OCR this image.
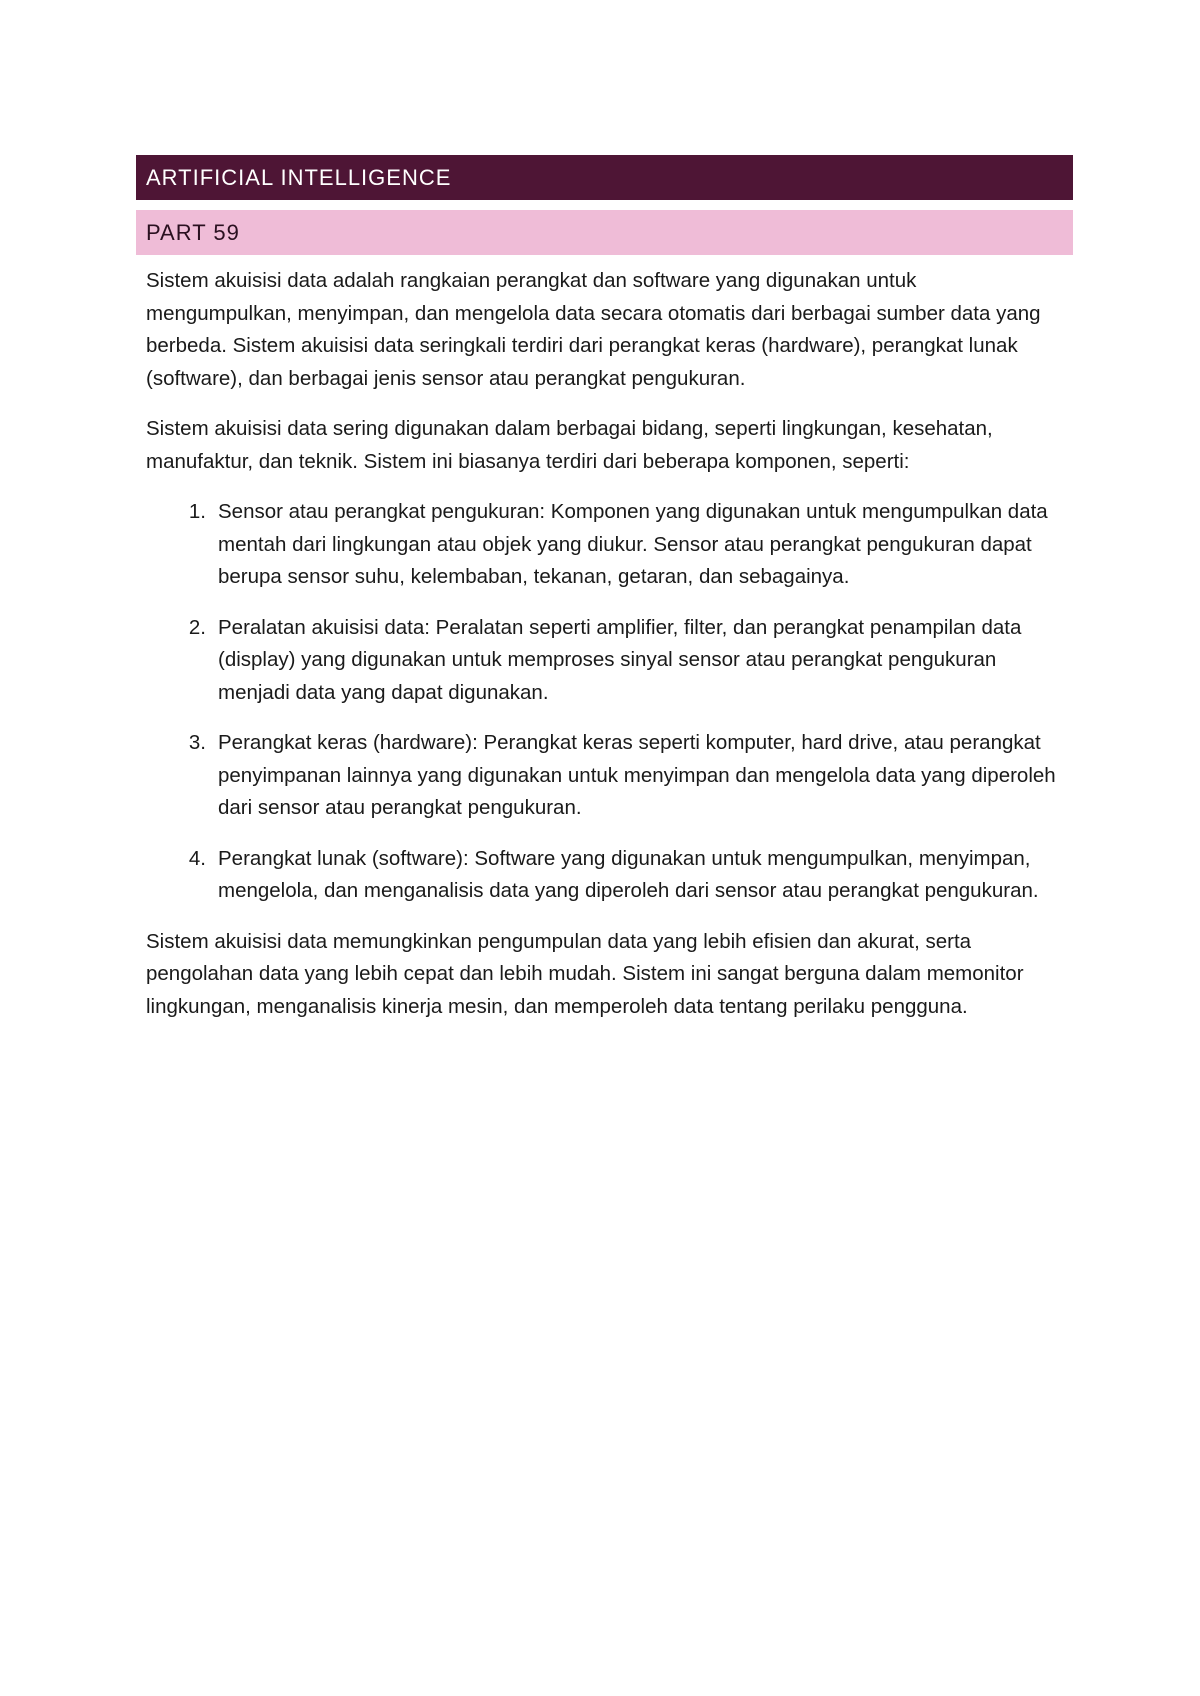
ARTIFICIAL INTELLIGENCE
PART 59

Sistem akuisisi data adalah rangkaian perangkat dan software yang digunakan untuk mengumpulkan, menyimpan, dan mengelola data secara otomatis dari berbagai sumber data yang berbeda. Sistem akuisisi data seringkali terdiri dari perangkat keras (hardware), perangkat lunak (software), dan berbagai jenis sensor atau perangkat pengukuran.

Sistem akuisisi data sering digunakan dalam berbagai bidang, seperti lingkungan, kesehatan, manufaktur, dan teknik. Sistem ini biasanya terdiri dari beberapa komponen, seperti:

1. Sensor atau perangkat pengukuran: Komponen yang digunakan untuk mengumpulkan data mentah dari lingkungan atau objek yang diukur. Sensor atau perangkat pengukuran dapat berupa sensor suhu, kelembaban, tekanan, getaran, dan sebagainya.
2. Peralatan akuisisi data: Peralatan seperti amplifier, filter, dan perangkat penampilan data (display) yang digunakan untuk memproses sinyal sensor atau perangkat pengukuran menjadi data yang dapat digunakan.
3. Perangkat keras (hardware): Perangkat keras seperti komputer, hard drive, atau perangkat penyimpanan lainnya yang digunakan untuk menyimpan dan mengelola data yang diperoleh dari sensor atau perangkat pengukuran.
4. Perangkat lunak (software): Software yang digunakan untuk mengumpulkan, menyimpan, mengelola, dan menganalisis data yang diperoleh dari sensor atau perangkat pengukuran.

Sistem akuisisi data memungkinkan pengumpulan data yang lebih efisien dan akurat, serta pengolahan data yang lebih cepat dan lebih mudah. Sistem ini sangat berguna dalam memonitor lingkungan, menganalisis kinerja mesin, dan memperoleh data tentang perilaku pengguna.
